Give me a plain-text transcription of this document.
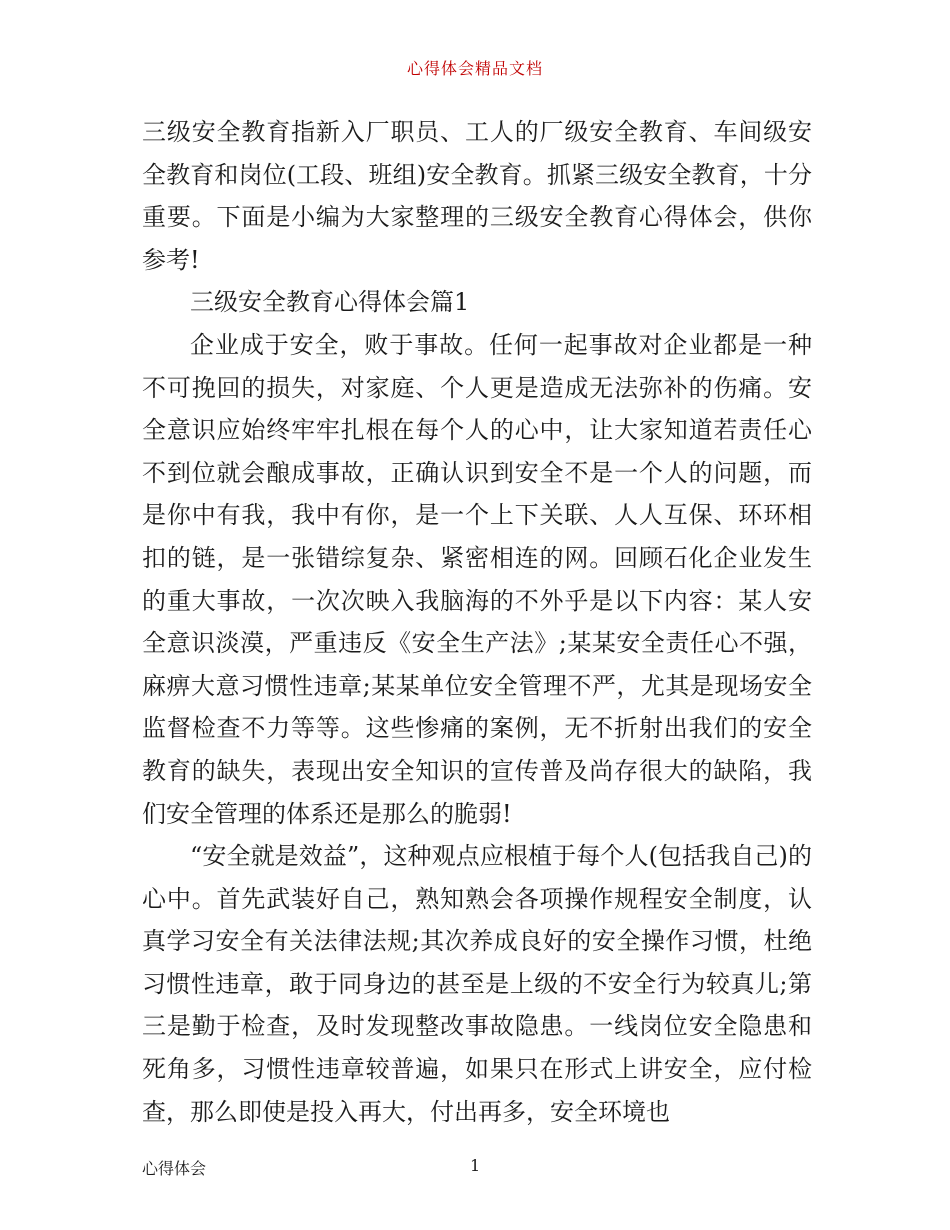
心得体会精品文档

三级安全教育指新入厂职员、工人的厂级安全教育、车间级安全教育和岗位(工段、班组)安全教育。抓紧三级安全教育，十分重要。下面是小编为大家整理的三级安全教育心得体会，供你参考!

三级安全教育心得体会篇1

企业成于安全，败于事故。任何一起事故对企业都是一种不可挽回的损失，对家庭、个人更是造成无法弥补的伤痛。安全意识应始终牢牢扎根在每个人的心中，让大家知道若责任心不到位就会酿成事故，正确认识到安全不是一个人的问题，而是你中有我，我中有你，是一个上下关联、人人互保、环环相扣的链，是一张错综复杂、紧密相连的网。回顾石化企业发生的重大事故，一次次映入我脑海的不外乎是以下内容：某人安全意识淡漠，严重违反《安全生产法》;某某安全责任心不强，麻痹大意习惯性违章;某某单位安全管理不严，尤其是现场安全监督检查不力等等。这些惨痛的案例，无不折射出我们的安全教育的缺失，表现出安全知识的宣传普及尚存很大的缺陷，我们安全管理的体系还是那么的脆弱!

“安全就是效益”，这种观点应根植于每个人(包括我自己)的心中。首先武装好自己，熟知熟会各项操作规程安全制度，认真学习安全有关法律法规;其次养成良好的安全操作习惯，杜绝习惯性违章，敢于同身边的甚至是上级的不安全行为较真儿;第三是勤于检查，及时发现整改事故隐患。一线岗位安全隐患和死角多，习惯性违章较普遍，如果只在形式上讲安全，应付检查，那么即使是投入再大，付出再多，安全环境也

心得体会	1
